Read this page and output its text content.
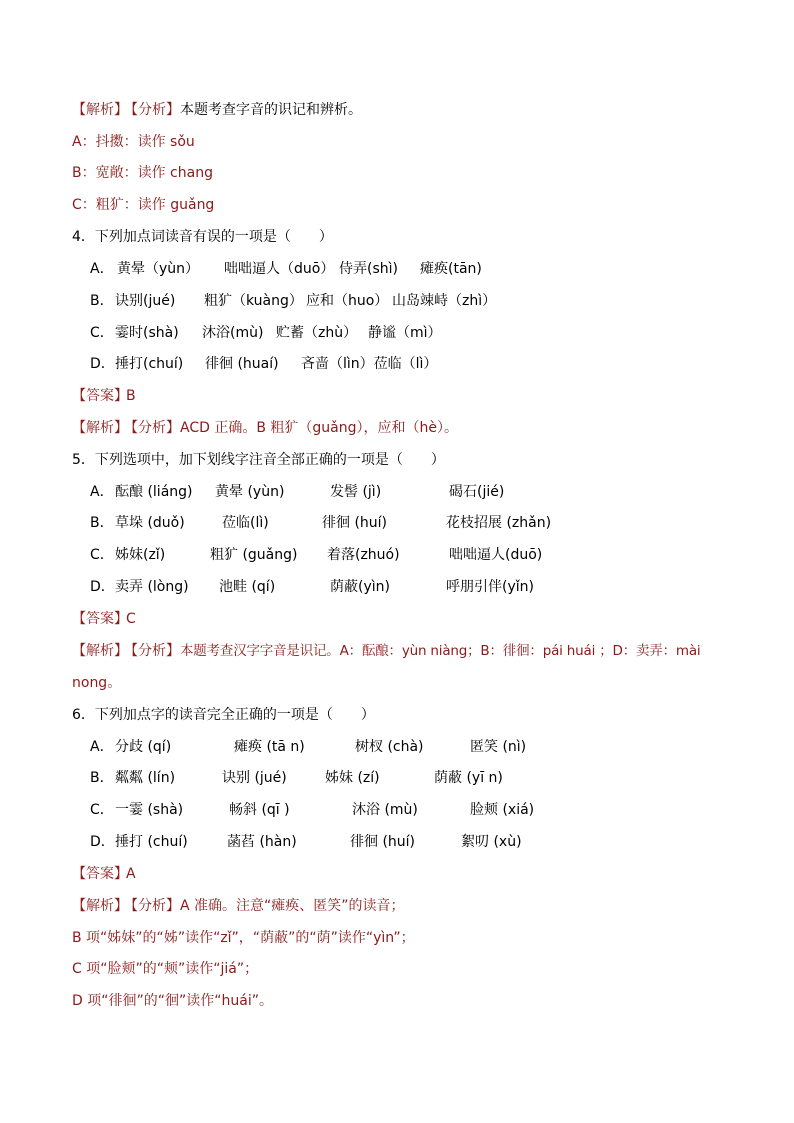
【解析】
【分析】 本题考查字音的识记和辨析。
A：抖擞：读作 sǒu
B：宽敞：读作 chang
C：粗犷：读作 guǎng
4．下列加点词读音有误的一项是（　　）
A． 黄晕（yùn） 咄咄逼人（duō） 侍弄(shì) 瘫痪(tān)
B． 诀别(jué) 粗犷（kuàng） 应和（huo） 山岛竦峙（zhì）
C． 霎时(shà) 沐浴(mù) 贮蓄（zhù） 静谧（mì）
D． 捶打(chuí) 徘徊 (huaí) 吝啬（lìn）莅临（lì）
【答案】
B
【解析】
【分析】 ACD 正确。B 粗犷（guǎng），应和（hè）。
5．下列选项中，加下划线字注音全部正确的一项是（　　）
A． 酝酿 (liáng) 黄晕 (yùn)	发髻 (jì)	碣石(jié)
B． 草垛 (duǒ)	莅临(lì)	徘徊 (huí)	花枝招展 (zhǎn)
C． 姊妹(zǐ)	粗犷 (guǎng) 着落(zhuó)	咄咄逼人(duō)
D． 卖弄 (lòng) 池畦 (qí)	荫蔽(yìn)	呼朋引伴(yǐn)
【答案】
C
【解析】
【分析】 本题考查汉字字音是识记。A：酝酿：yùn niàng；B：徘徊：pái huái ；D：卖弄：mài
nong。
6．下列加点字的读音完全正确的一项是（　　）
A． 分歧 (qí)	瘫痪 (tā n)	树杈 (chà)	匿笑 (nì)
B． 粼粼 (lín)	诀别 (jué)	姊妹 (zí)	荫蔽 (yī n)
C． 一霎 (shà)	畅斜 (qī )	沐浴 (mù)	脸颊 (xiá)
D． 捶打 (chuí)	菡萏 (hàn)	徘徊 (huí)	絮叨 (xù)
【答案】
A
【解析】
【分析】 A 准确。注意“瘫痪、匿笑”的读音；
B 项“姊妹”的“姊”读作“zǐ”，“荫蔽”的“荫”读作“yìn”；
C 项“脸颊”的“颊”读作“jiá”；
D 项“徘徊”的“徊”读作“huái”。
